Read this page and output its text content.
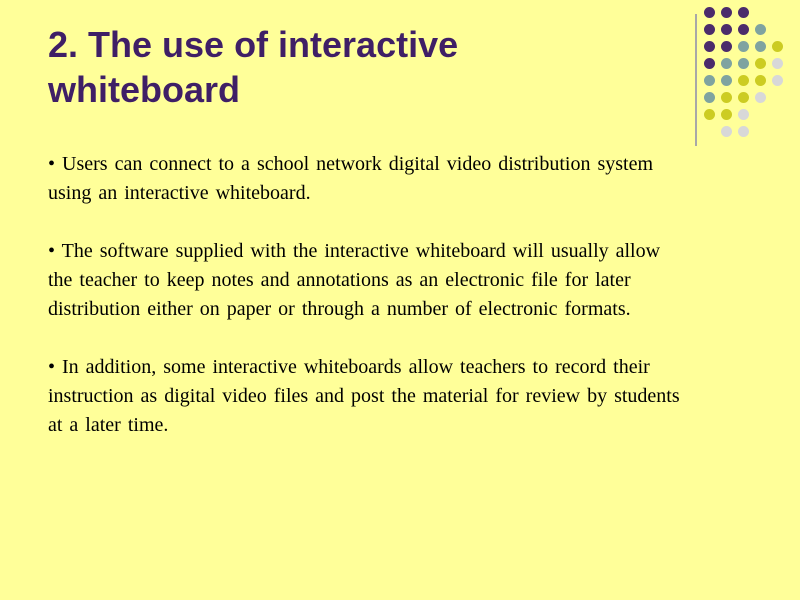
2. The use of interactive
whiteboard

• Users can connect to a school network digital video distribution system using an interactive whiteboard.

• The software supplied with the interactive whiteboard will usually allow the teacher to keep notes and annotations as an electronic file for later distribution either on paper or through a number of electronic formats.

• In addition, some interactive whiteboards allow teachers to record their instruction as digital video files and post the material for review by students at a later time.
